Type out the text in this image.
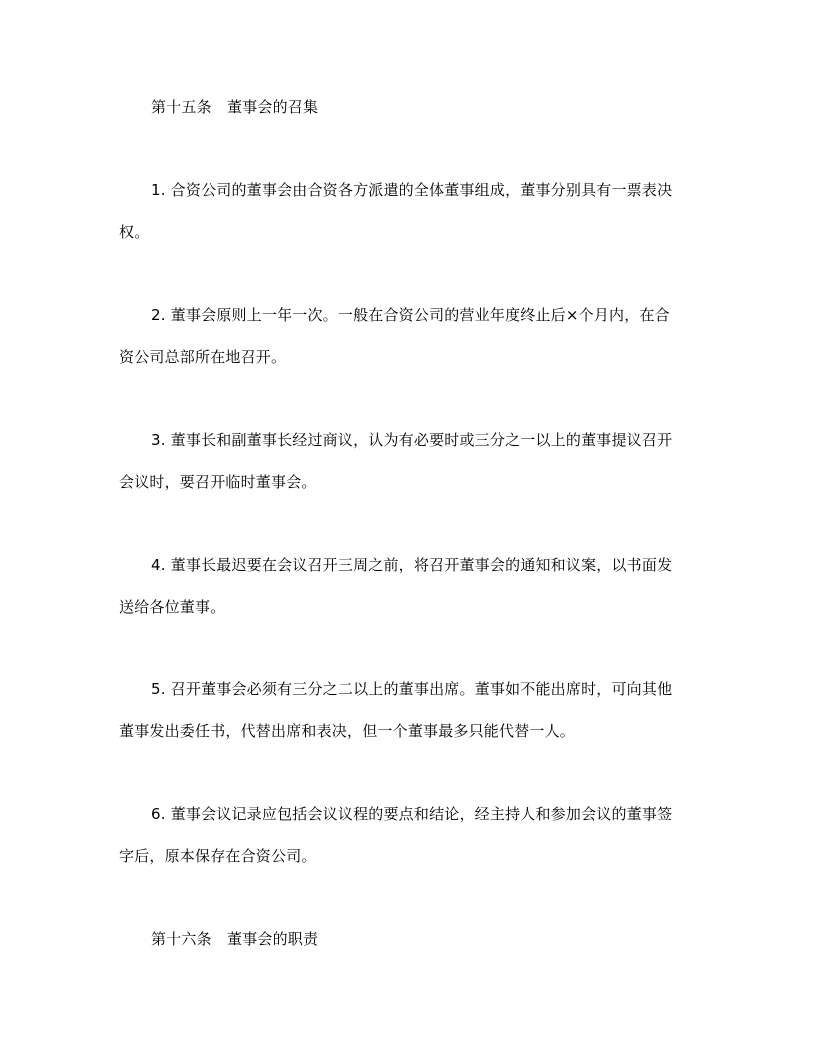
第十五条　董事会的召集
1. 合资公司的董事会由合资各方派遣的全体董事组成，董事分别具有一票表决
权。
2. 董事会原则上一年一次。一般在合资公司的营业年度终止后×个月内，在合
资公司总部所在地召开。
3. 董事长和副董事长经过商议，认为有必要时或三分之一以上的董事提议召开
会议时，要召开临时董事会。
4. 董事长最迟要在会议召开三周之前，将召开董事会的通知和议案，以书面发
送给各位董事。
5. 召开董事会必须有三分之二以上的董事出席。董事如不能出席时，可向其他
董事发出委任书，代替出席和表决，但一个董事最多只能代替一人。
6. 董事会议记录应包括会议议程的要点和结论，经主持人和参加会议的董事签
字后，原本保存在合资公司。
第十六条　董事会的职责
